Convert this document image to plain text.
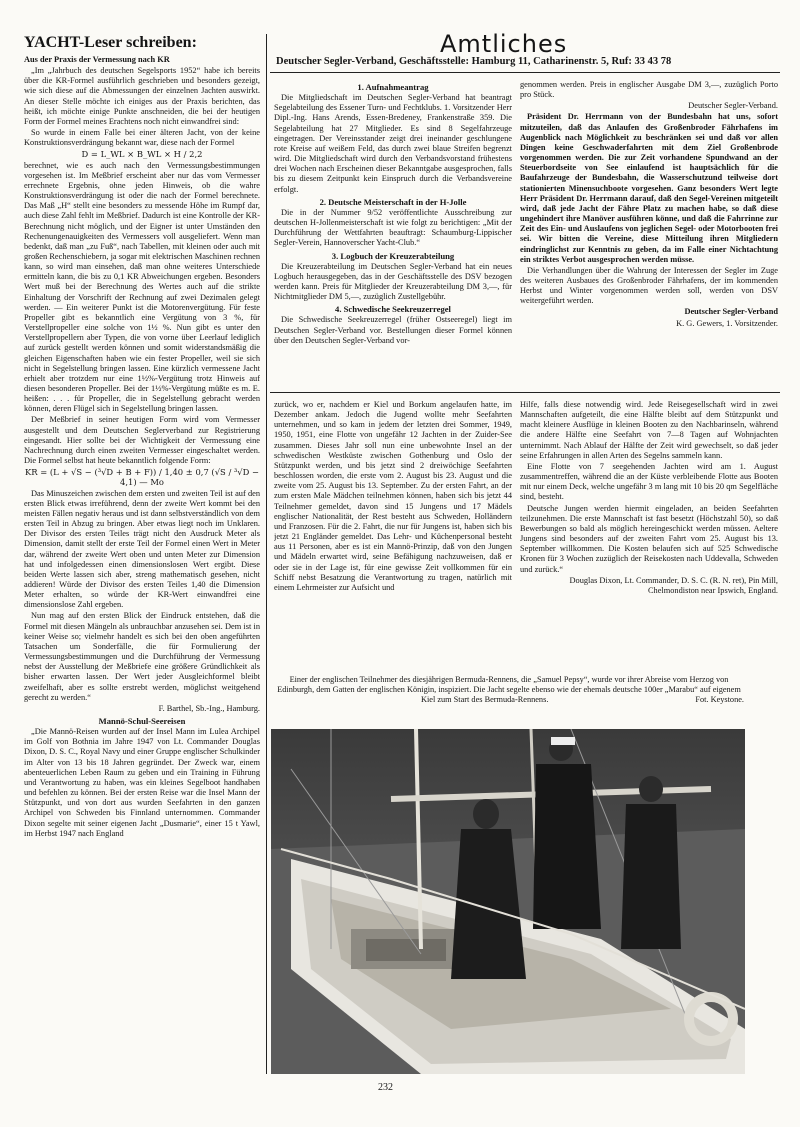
YACHT-Leser schreiben:	Amtliches
Deutscher Segler-Verband, Geschäftsstelle: Hamburg 11, Catharinenstr. 5, Ruf: 33 43 78

Aus der Praxis der Vermessung nach KR

„Im „Jahrbuch des deutschen Segelsports 1952“ habe ich bereits über die KR-Formel ausführlich geschrieben und besonders gezeigt, wie sich diese auf die Abmessungen der einzelnen Jachten auswirkt. An dieser Stelle möchte ich einiges aus der Praxis berichten, das heißt, ich möchte einige Punkte anschneiden, die bei der heutigen Form der Formel meines Erachtens noch nicht einwandfrei sind:

So wurde in einem Falle bei einer älteren Jacht, von der keine Konstruktionsverdrängung bekannt war, diese nach der Formel

D = L_WL × B_WL × H / 2,2

berechnet, wie es auch nach den Vermessungsbestimmungen vorgesehen ist. Im Meßbrief erscheint aber nur das vom Vermesser errechnete Ergebnis, ohne jeden Hinweis, ob die wahre Konstruktionsverdrängung ist oder die nach der Formel berechnete. Das Maß „H“ stellt eine besonders zu messende Höhe im Rumpf dar, auch diese Zahl fehlt im Meßbrief. Dadurch ist eine Kontrolle der KR-Berechnung nicht möglich, und der Eigner ist unter Umständen den Rechenungenauigkeiten des Vermessers voll ausgeliefert. Wenn man bedenkt, daß man „zu Fuß“, nach Tabellen, mit kleinen oder auch mit großen Rechenschiebern, ja sogar mit elektrischen Maschinen rechnen kann, so wird man einsehen, daß man ohne weiteres Unterschiede ermitteln kann, die bis zu 0,1 KR Abweichungen ergeben. Besonders Wert muß bei der Berechnung des Wertes auch auf die strikte Einhaltung der Vorschrift der Rechnung auf zwei Dezimalen gelegt werden. — Ein weiterer Punkt ist die Motorenvergütung. Für feste Propeller gibt es bekanntlich eine Vergütung von 3 %, für Verstellpropeller eine solche von 1½ %. Nun gibt es unter den Verstellpropellern aber Typen, die von vorne über Leerlauf lediglich auf zurück gestellt werden können und somit widerstandsmäßig die gleichen Eigenschaften haben wie ein fester Propeller, weil sie sich nicht in Segelstellung bringen lassen. Eine kürzlich vermessene Jacht erhielt aber trotzdem nur eine 1½%-Vergütung trotz Hinweis auf diesen besonderen Propeller. Bei der 1½%-Vergütung müßte es m. E. heißen: . . . für Propeller, die in Segelstellung gebracht werden können, deren Flügel sich in Segelstellung bringen lassen.

Der Meßbrief in seiner heutigen Form wird vom Vermesser ausgestellt und dem Deutschen Seglerverband zur Registrierung eingesandt. Hier sollte bei der Wichtigkeit der Vermessung eine Nachrechnung durch einen zweiten Vermesser eingeschaltet werden. Die Formel selbst hat heute bekanntlich folgende Form:

KR = (L + √S − (³√D + B + F)) / 1,40 ± 0,7 (√S / ³√D − 4,1) — Mo

Das Minuszeichen zwischen dem ersten und zweiten Teil ist auf den ersten Blick etwas irreführend, denn der zweite Wert kommt bei den meisten Fällen negativ heraus und ist dann selbstverständlich von dem ersten Teil in Abzug zu bringen. Aber etwas liegt noch im Unklaren. Der Divisor des ersten Teiles trägt nicht den Ausdruck Meter als Dimension, damit stellt der erste Teil der Formel einen Wert in Meter dar, während der zweite Wert oben und unten Meter zur Dimension hat und infolgedessen einen dimensionslosen Wert ergibt. Diese beiden Werte lassen sich aber, streng mathematisch gesehen, nicht addieren! Würde der Divisor des ersten Teiles 1,40 die Dimension Meter erhalten, so würde der KR-Wert einwandfrei eine dimensionslose Zahl ergeben.

Nun mag auf den ersten Blick der Eindruck entstehen, daß die Formel mit diesen Mängeln als unbrauchbar anzusehen sei. Dem ist in keiner Weise so; vielmehr handelt es sich bei den oben angeführten Tatsachen um Sonderfälle, die für Formulierung der Vermessungsbestimmungen und die Durchführung der Vermessung nebst der Ausstellung der Meßbriefe eine größere Gründlichkeit als bisher erwarten lassen. Der Wert jeder Ausgleichformel bleibt zweifelhaft, aber es sollte erstrebt werden, möglichst weitgehend gerecht zu werden.“

F. Barthel, Sb.-Ing., Hamburg.

Mannö-Schul-Seereisen

„Die Mannö-Reisen wurden auf der Insel Mann im Lulea Archipel im Golf von Bothnia im Jahre 1947 von Lt. Commander Douglas Dixon, D. S. C., Royal Navy und einer Gruppe englischer Schulkinder im Alter von 13 bis 18 Jahren gegründet. Der Zweck war, einem abenteuerlichen Leben Raum zu geben und ein Training in Führung und Verantwortung zu haben, was ein kleines Segelboot handhaben und befehlen zu können. Bei der ersten Reise war die Insel Mann der Stützpunkt, und von dort aus wurden Seefahrten in den ganzen Archipel von Schweden bis Finnland unternommen. Commander Dixon segelte mit seiner eigenen Jacht „Dusmarie“, einer 15 t Yawl, im Herbst 1947 nach England

1. Aufnahmeantrag

Die Mitgliedschaft im Deutschen Segler-Verband hat beantragt Segelabteilung des Essener Turn- und Fechtklubs. 1. Vorsitzender Herr Dipl.-Ing. Hans Arends, Essen-Bredeney, Frankenstraße 359. Die Segelabteilung hat 27 Mitglieder. Es sind 8 Segelfahrzeuge eingetragen. Der Vereinsstander zeigt drei ineinander geschlungene rote Kreise auf weißem Feld, das durch zwei blaue Streifen begrenzt wird. Die Mitgliedschaft wird durch den Verbandsvorstand frühestens drei Wochen nach Erscheinen dieser Bekanntgabe ausgesprochen, falls bis zu diesem Zeitpunkt kein Einspruch durch die Verbandsvereine erfolgt.

2. Deutsche Meisterschaft in der H-Jolle

Die in der Nummer 9/52 veröffentlichte Ausschreibung zur deutschen H-Jollenmeisterschaft ist wie folgt zu berichtigen: „Mit der Durchführung der Wettfahrten beauftragt: Schaumburg-Lippischer Segler-Verein, Hannoverscher Yacht-Club.“

3. Logbuch der Kreuzerabteilung

Die Kreuzerabteilung im Deutschen Segler-Verband hat ein neues Logbuch herausgegeben, das in der Geschäftsstelle des DSV bezogen werden kann. Preis für Mitglieder der Kreuzerabteilung DM 3,—, für Nichtmitglieder DM 5,—, zuzüglich Zustellgebühr.

4. Schwedische Seekreuzerregel

Die Schwedische Seekreuzerregel (früher Ostseeregel) liegt im Deutschen Segler-Verband vor. Bestellungen dieser Formel können über den Deutschen Segler-Verband vor-

genommen werden. Preis in englischer Ausgabe DM 3,—, zuzüglich Porto pro Stück.

Deutscher Segler-Verband.

Präsident Dr. Herrmann von der Bundesbahn hat uns, sofort mitzuteilen, daß das Anlaufen des Großenbroder Fährhafens im Augenblick nach Möglichkeit zu beschränken sei und daß vor allen Dingen keine Geschwaderfahrten mit dem Ziel Großenbrode vorgenommen werden. Die zur Zeit vorhandene Spundwand an der Steuerbordseite von See einlaufend ist hauptsächlich für die Baufahrzeuge der Bundesbahn, die Wasserschutzund teilweise dort stationierten Minensuchboote vorgesehen. Ganz besonders Wert legte Herr Präsident Dr. Herrmann darauf, daß den Segel-Vereinen mitgeteilt wird, daß jede Jacht der Fähre Platz zu machen habe, so daß diese ungehindert ihre Manöver ausführen könne, und daß die Fahrrinne zur Zeit des Ein- und Auslaufens von jeglichen Segel- oder Motorbooten frei sei. Wir bitten die Vereine, diese Mitteilung ihren Mitgliedern eindringlichst zur Kenntnis zu geben, da im Falle einer Nichtachtung ein striktes Verbot ausgesprochen werden müsse.

Die Verhandlungen über die Wahrung der Interessen der Segler im Zuge des weiteren Ausbaues des Großenbroder Fährhafens, der im kommenden Herbst und Winter vorgenommen werden soll, werden von DSV weitergeführt werden.

Deutscher Segler-Verband

K. G. Gewers, 1. Vorsitzender.

zurück, wo er, nachdem er Kiel und Borkum angelaufen hatte, im Dezember ankam. Jedoch die Jugend wollte mehr Seefahrten unternehmen, und so kam in jedem der letzten drei Sommer, 1949, 1950, 1951, eine Flotte von ungefähr 12 Jachten in der Zuider-See zusammen. Dieses Jahr soll nun eine unbewohnte Insel an der schwedischen Westküste zwischen Gothenburg und Oslo der Stützpunkt werden, und bis jetzt sind 2 dreiwöchige Seefahrten beschlossen worden, die erste vom 2. August bis 23. August und die zweite vom 25. August bis 13. September. Zu der ersten Fahrt, an der zum ersten Male Mädchen teilnehmen können, haben sich bis jetzt 44 Teilnehmer gemeldet, davon sind 15 Jungens und 17 Mädels englischer Nationalität, der Rest besteht aus Schweden, Holländern und Franzosen. Für die 2. Fahrt, die nur für Jungens ist, haben sich bis jetzt 21 Engländer gemeldet. Das Lehr- und Küchenpersonal besteht aus 11 Personen, aber es ist ein Mannö-Prinzip, daß von den Jungen und Mädeln erwartet wird, seine Befähigung nachzuweisen, daß er oder sie in der Lage ist, für eine gewisse Zeit vollkommen für ein Schiff nebst Besatzung die Verantwortung zu tragen, natürlich mit einem Lehrmeister zur Aufsicht und

Hilfe, falls diese notwendig wird. Jede Reisegesellschaft wird in zwei Mannschaften aufgeteilt, die eine Hälfte bleibt auf dem Stützpunkt und macht kleinere Ausflüge in kleinen Booten zu den Nachbarinseln, während die andere Hälfte eine Seefahrt von 7—8 Tagen auf Wohnjachten unternimmt. Nach Ablauf der Hälfte der Zeit wird gewechselt, so daß jeder seine Erfahrungen in allen Arten des Segelns sammeln kann.

Eine Flotte von 7 seegehenden Jachten wird am 1. August zusammentreffen, während die an der Küste verbleibende Flotte aus Booten mit nur einem Deck, welche ungefähr 3 m lang mit 10 bis 20 qm Segelfläche sind, besteht.

Deutsche Jungen werden hiermit eingeladen, an beiden Seefahrten teilzunehmen. Die erste Mannschaft ist fast besetzt (Höchstzahl 50), so daß Bewerbungen so bald als möglich hereingeschickt werden müssen. Aeltere Jungens sind besonders auf der zweiten Fahrt vom 25. August bis 13. September willkommen. Die Kosten belaufen sich auf 525 Schwedische Kronen für 3 Wochen zuzüglich der Reisekosten nach Uddevalla, Schweden und zurück.“

Douglas Dixon, Lt. Commander, D. S. C. (R. N. ret), Pin Mill, Chelmondiston near Ipswich, England.

Einer der englischen Teilnehmer des diesjährigen Bermuda-Rennens, die „Samuel Pepsy“, wurde vor ihrer Abreise vom Herzog von Edinburgh, dem Gatten der englischen Königin, inspiziert. Die Jacht segelte ebenso wie der ehemals deutsche 100er „Marabu“ auf eigenem Kiel zum Start des Bermuda-Rennens.	Fot. Keystone.
232
